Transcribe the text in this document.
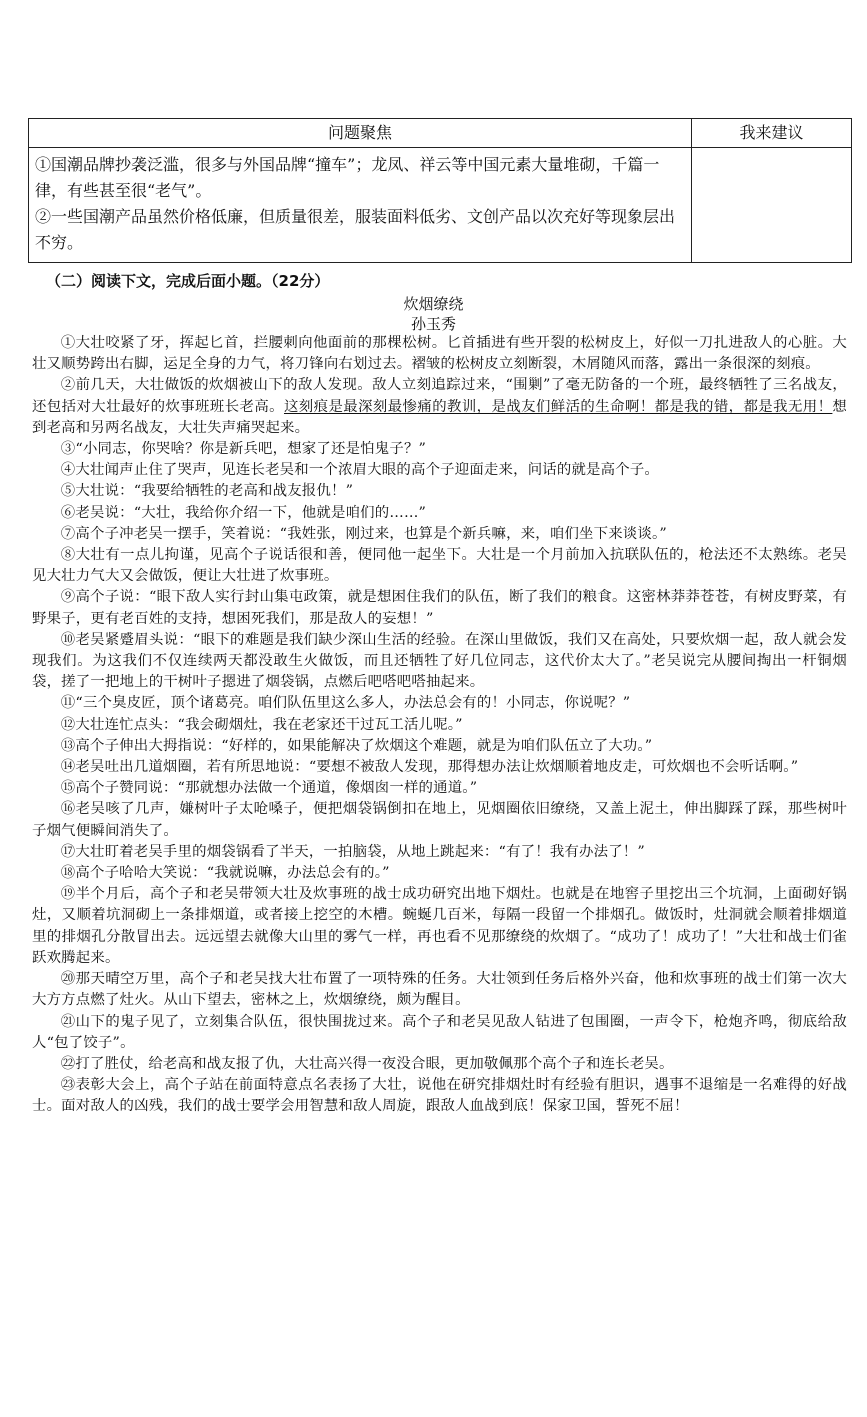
问题聚焦	我来建议

①国潮品牌抄袭泛滥，很多与外国品牌“撞车”；龙凤、祥云等中国元素大量堆砌，千篇一律，有些甚至很“老气”。

②一些国潮产品虽然价格低廉，但质量很差，服装面料低劣、文创产品以次充好等现象层出不穷。	

（二）阅读下文，完成后面小题。（22分）
炊烟缭绕
孙玉秀

①大壮咬紧了牙，挥起匕首，拦腰刺向他面前的那棵松树。匕首插进有些开裂的松树皮上，好似一刀扎进敌人的心脏。大壮又顺势跨出右脚，运足全身的力气，将刀锋向右划过去。褶皱的松树皮立刻断裂，木屑随风而落，露出一条很深的刻痕。

②前几天，大壮做饭的炊烟被山下的敌人发现。敌人立刻追踪过来，“围剿”了毫无防备的一个班，最终牺牲了三名战友，还包括对大壮最好的炊事班班长老高。这刻痕是最深刻最惨痛的教训，是战友们鲜活的生命啊！都是我的错，都是我无用！想到老高和另两名战友，大壮失声痛哭起来。

③“小同志，你哭啥？你是新兵吧，想家了还是怕鬼子？”

④大壮闻声止住了哭声，见连长老吴和一个浓眉大眼的高个子迎面走来，问话的就是高个子。

⑤大壮说：“我要给牺牲的老高和战友报仇！”

⑥老吴说：“大壮，我给你介绍一下，他就是咱们的……”

⑦高个子冲老吴一摆手，笑着说：“我姓张，刚过来，也算是个新兵嘛，来，咱们坐下来谈谈。”

⑧大壮有一点儿拘谨，见高个子说话很和善，便同他一起坐下。大壮是一个月前加入抗联队伍的，枪法还不太熟练。老吴见大壮力气大又会做饭，便让大壮进了炊事班。

⑨高个子说：“眼下敌人实行封山集屯政策，就是想困住我们的队伍，断了我们的粮食。这密林莽莽苍苍，有树皮野菜，有野果子，更有老百姓的支持，想困死我们，那是敌人的妄想！”

⑩老吴紧蹙眉头说：“眼下的难题是我们缺少深山生活的经验。在深山里做饭，我们又在高处，只要炊烟一起，敌人就会发现我们。为这我们不仅连续两天都没敢生火做饭，而且还牺牲了好几位同志，这代价太大了。”老吴说完从腰间掏出一杆铜烟袋，搓了一把地上的干树叶子摁进了烟袋锅，点燃后吧嗒吧嗒抽起来。

⑪“三个臭皮匠，顶个诸葛亮。咱们队伍里这么多人，办法总会有的！小同志，你说呢？”

⑫大壮连忙点头：“我会砌烟灶，我在老家还干过瓦工活儿呢。”

⑬高个子伸出大拇指说：“好样的，如果能解决了炊烟这个难题，就是为咱们队伍立了大功。”

⑭老吴吐出几道烟圈，若有所思地说：“要想不被敌人发现，那得想办法让炊烟顺着地皮走，可炊烟也不会听话啊。”

⑮高个子赞同说：“那就想办法做一个通道，像烟囱一样的通道。”

⑯老吴咳了几声，嫌树叶子太呛嗓子，便把烟袋锅倒扣在地上，见烟圈依旧缭绕，又盖上泥土，伸出脚踩了踩，那些树叶子烟气便瞬间消失了。

⑰大壮盯着老吴手里的烟袋锅看了半天，一拍脑袋，从地上跳起来：“有了！我有办法了！”

⑱高个子哈哈大笑说：“我就说嘛，办法总会有的。”

⑲半个月后，高个子和老吴带领大壮及炊事班的战士成功研究出地下烟灶。也就是在地窖子里挖出三个坑洞，上面砌好锅灶，又顺着坑洞砌上一条排烟道，或者接上挖空的木槽。蜿蜒几百米，每隔一段留一个排烟孔。做饭时，灶洞就会顺着排烟道里的排烟孔分散冒出去。远远望去就像大山里的雾气一样，再也看不见那缭绕的炊烟了。“成功了！成功了！”大壮和战士们雀跃欢腾起来。

⑳那天晴空万里，高个子和老吴找大壮布置了一项特殊的任务。大壮领到任务后格外兴奋，他和炊事班的战士们第一次大大方方点燃了灶火。从山下望去，密林之上，炊烟缭绕，颇为醒目。

㉑山下的鬼子见了，立刻集合队伍，很快围拢过来。高个子和老吴见敌人钻进了包围圈，一声令下，枪炮齐鸣，彻底给敌人“包了饺子”。

㉒打了胜仗，给老高和战友报了仇，大壮高兴得一夜没合眼，更加敬佩那个高个子和连长老吴。

㉓表彰大会上，高个子站在前面特意点名表扬了大壮，说他在研究排烟灶时有经验有胆识，遇事不退缩是一名难得的好战士。面对敌人的凶残，我们的战士要学会用智慧和敌人周旋，跟敌人血战到底！保家卫国，誓死不屈！
